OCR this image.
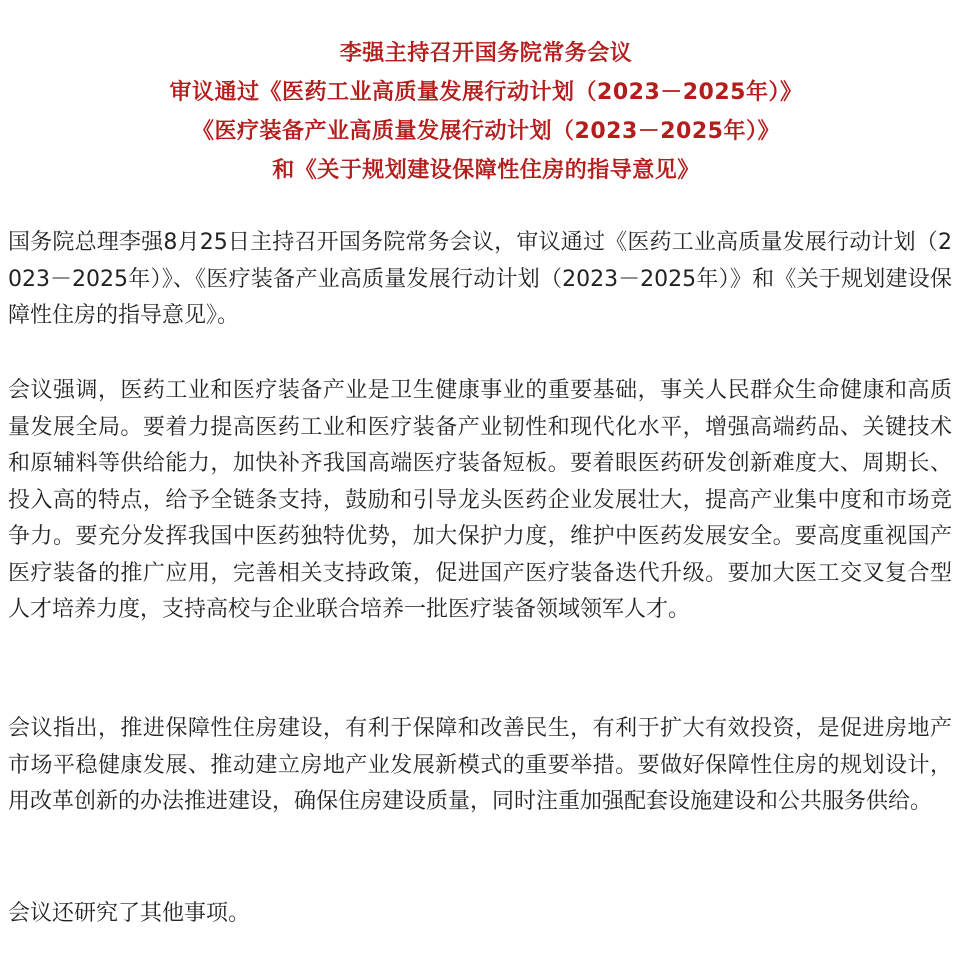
李强主持召开国务院常务会议
审议通过《医药工业高质量发展行动计划（2023－2025年）》
《医疗装备产业高质量发展行动计划（2023－2025年）》
和《关于规划建设保障性住房的指导意见》

国务院总理李强8月25日主持召开国务院常务会议，审议通过《医药工业高质量发展行动计划（2023－2025年）》、《医疗装备产业高质量发展行动计划（2023－2025年）》和《关于规划建设保障性住房的指导意见》。

会议强调，医药工业和医疗装备产业是卫生健康事业的重要基础，事关人民群众生命健康和高质量发展全局。要着力提高医药工业和医疗装备产业韧性和现代化水平，增强高端药品、关键技术和原辅料等供给能力，加快补齐我国高端医疗装备短板。要着眼医药研发创新难度大、周期长、投入高的特点，给予全链条支持，鼓励和引导龙头医药企业发展壮大，提高产业集中度和市场竞争力。要充分发挥我国中医药独特优势，加大保护力度，维护中医药发展安全。要高度重视国产医疗装备的推广应用，完善相关支持政策，促进国产医疗装备迭代升级。要加大医工交叉复合型人才培养力度，支持高校与企业联合培养一批医疗装备领域领军人才。

会议指出，推进保障性住房建设，有利于保障和改善民生，有利于扩大有效投资，是促进房地产市场平稳健康发展、推动建立房地产业发展新模式的重要举措。要做好保障性住房的规划设计，用改革创新的办法推进建设，确保住房建设质量，同时注重加强配套设施建设和公共服务供给。

会议还研究了其他事项。
